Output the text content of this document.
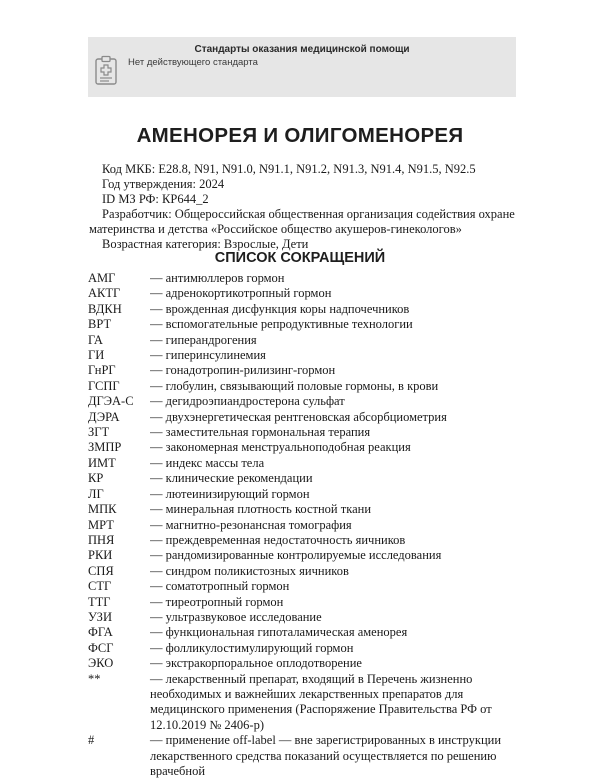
Стандарты оказания медицинской помощи
Нет действующего стандарта
АМЕНОРЕЯ И ОЛИГОМЕНОРЕЯ
Код МКБ: E28.8, N91, N91.0, N91.1, N91.2, N91.3, N91.4, N91.5, N92.5
Год утверждения: 2024
ID МЗ РФ: КР644_2
Разработчик: Общероссийская общественная организация содействия охране
материнства и детства «Российское общество акушеров-гинекологов»
Возрастная категория: Взрослые, Дети
СПИСОК СОКРАЩЕНИЙ
АМГ	— антимюллеров гормон
АКТГ	— адренокортикотропный гормон
ВДКН	— врожденная дисфункция коры надпочечников
ВРТ	— вспомогательные репродуктивные технологии
ГА	— гиперандрогения
ГИ	— гиперинсулинемия
ГнРГ	— гонадотропин-рилизинг-гормон
ГСПГ	— глобулин, связывающий половые гормоны, в крови
ДГЭА-С	— дегидроэпиандростерона сульфат
ДЭРА	— двухэнергетическая рентгеновская абсорбциометрия
ЗГТ	— заместительная гормональная терапия
ЗМПР	— закономерная менструальноподобная реакция
ИМТ	— индекс массы тела
КР	— клинические рекомендации
ЛГ	— лютеинизирующий гормон
МПК	— минеральная плотность костной ткани
МРТ	— магнитно-резонансная томография
ПНЯ	— преждевременная недостаточность яичников
РКИ	— рандомизированные контролируемые исследования
СПЯ	— синдром поликистозных яичников
СТГ	— соматотропный гормон
ТТГ	— тиреотропный гормон
УЗИ	— ультразвуковое исследование
ФГА	— функциональная гипоталамическая аменорея
ФСГ	— фолликулостимулирующий гормон
ЭКО	— экстракорпоральное оплодотворение
**	— лекарственный препарат, входящий в Перечень жизненно необходимых и важнейших лекарственных препаратов для медицинского применения (Распоряжение Правительства РФ от 12.10.2019 № 2406-р)
#	— применение off-label — вне зарегистрированных в инструкции лекарственного средства показаний осуществляется по решению врачебной
